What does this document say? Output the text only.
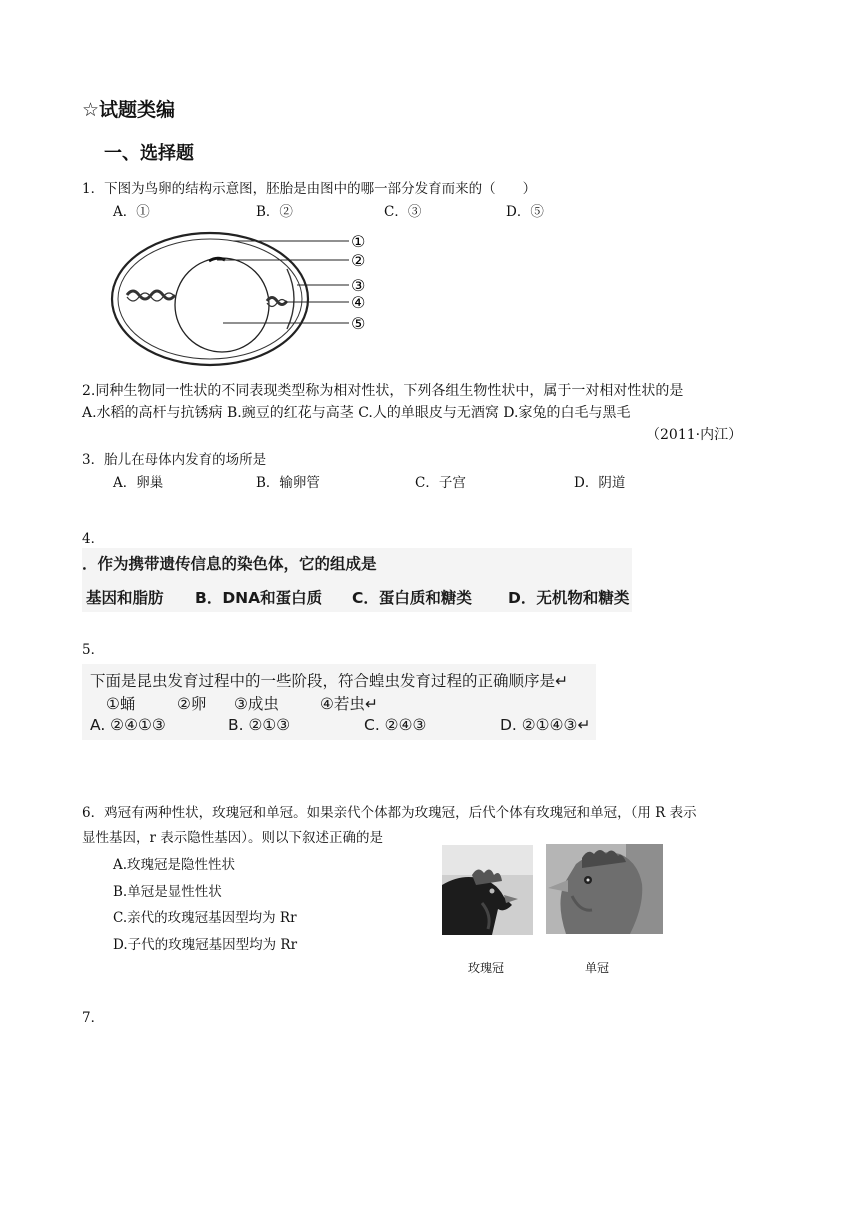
☆试题类编
一、选择题
1．下图为鸟卵的结构示意图，胚胎是由图中的哪一部分发育而来的（　　）
A．①	B．②	C．③	D．⑤
①
②
③
④
⑤
2.同种生物同一性状的不同表现类型称为相对性状，下列各组生物性状中，属于一对相对性状的是
A.水稻的高杆与抗锈病 B.豌豆的红花与高茎 C.人的单眼皮与无酒窝 D.家兔的白毛与黑毛
（2011·内江）
3．胎儿在母体内发育的场所是
A．卵巢	B．输卵管	C．子宫	D．阴道
4．
．作为携带遗传信息的染色体，它的组成是
基因和脂肪 B．DNA和蛋白质 C．蛋白质和糖类 D．无机物和糖类
5．
下面是昆虫发育过程中的一些阶段，符合蝗虫发育过程的正确顺序是↵
①蛹	②卵 ③成虫	④若虫↵
A. ②④①③	B. ②①③	C. ②④③	D. ②①④③↵
6．鸡冠有两种性状，玫瑰冠和单冠。如果亲代个体都为玫瑰冠，后代个体有玫瑰冠和单冠，（用 R 表示
显性基因，r 表示隐性基因）。则以下叙述正确的是
A.玫瑰冠是隐性性状
B.单冠是显性性状
C.亲代的玫瑰冠基因型均为 Rr
D.子代的玫瑰冠基因型均为 Rr
玫瑰冠	单冠
7．
